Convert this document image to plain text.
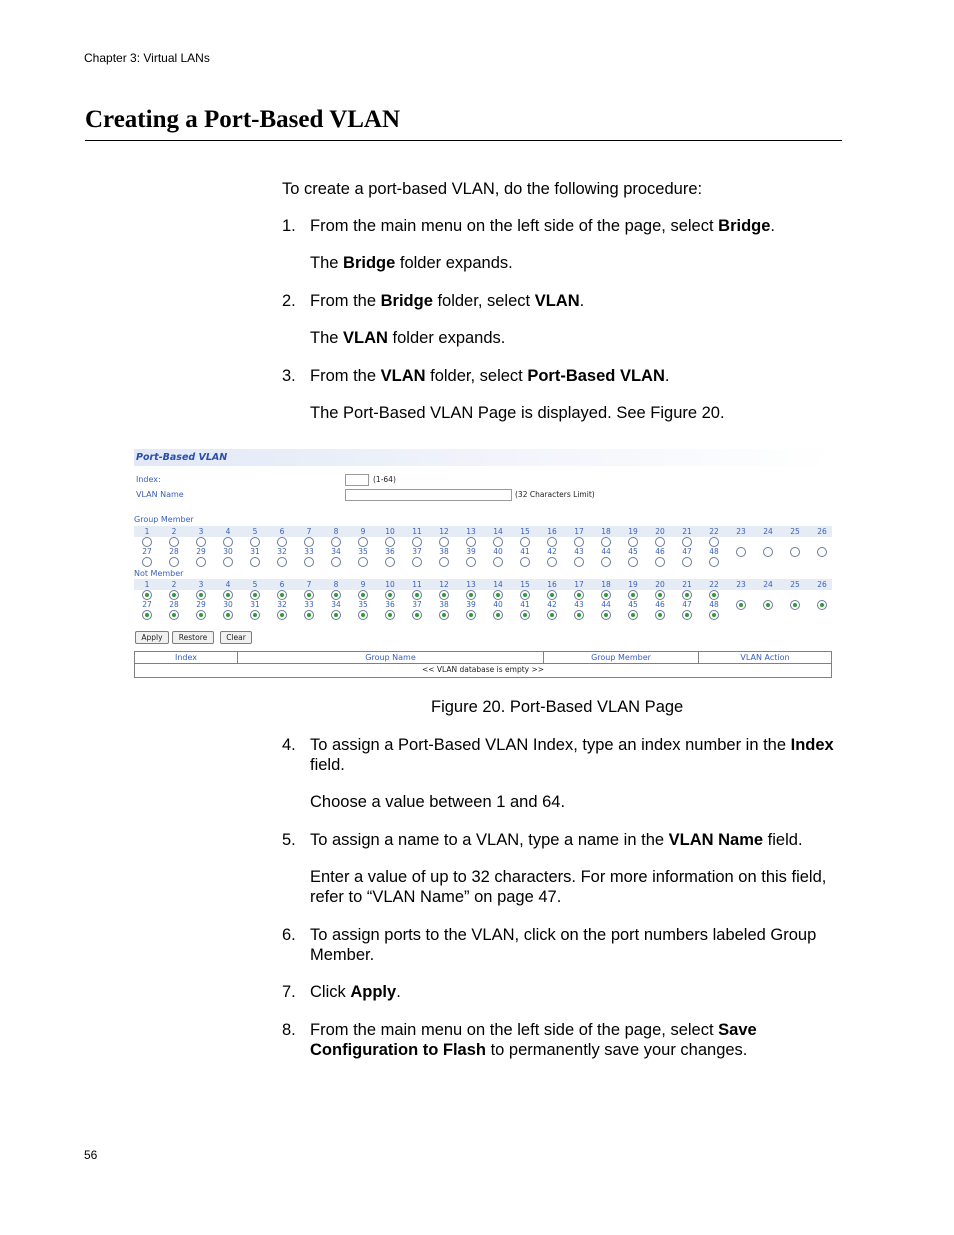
Chapter 3: Virtual LANs
Creating a Port-Based VLAN
To create a port-based VLAN, do the following procedure:
1. From the main menu on the left side of the page, select Bridge.
The Bridge folder expands.
2. From the Bridge folder, select VLAN.
The VLAN folder expands.
3. From the VLAN folder, select Port-Based VLAN.
The Port-Based VLAN Page is displayed. See Figure 20.
Port-Based VLAN
Index:	(1-64)
VLAN Name	(32 Characters Limit)
Group Member
1	2	3	4	5	6	7	8	9	10	11	12	13	14	15	16	17	18	19	20	21	22	23	24	25	26
27	28	29	30	31	32	33	34	35	36	37	38	39	40	41	42	43	44	45	46	47	48
Not Member
1	2	3	4	5	6	7	8	9	10	11	12	13	14	15	16	17	18	19	20	21	22	23	24	25	26
27	28	29	30	31	32	33	34	35	36	37	38	39	40	41	42	43	44	45	46	47	48
Apply	Restore	Clear
Index	Group Name	Group Member	VLAN Action
<< VLAN database is empty >>
Figure 20. Port-Based VLAN Page
4. To assign a Port-Based VLAN Index, type an index number in the Index field.
Choose a value between 1 and 64.
5. To assign a name to a VLAN, type a name in the VLAN Name field.
Enter a value of up to 32 characters. For more information on this field, refer to “VLAN Name” on page 47.
6. To assign ports to the VLAN, click on the port numbers labeled Group Member.
7. Click Apply.
8. From the main menu on the left side of the page, select Save Configuration to Flash to permanently save your changes.
56
